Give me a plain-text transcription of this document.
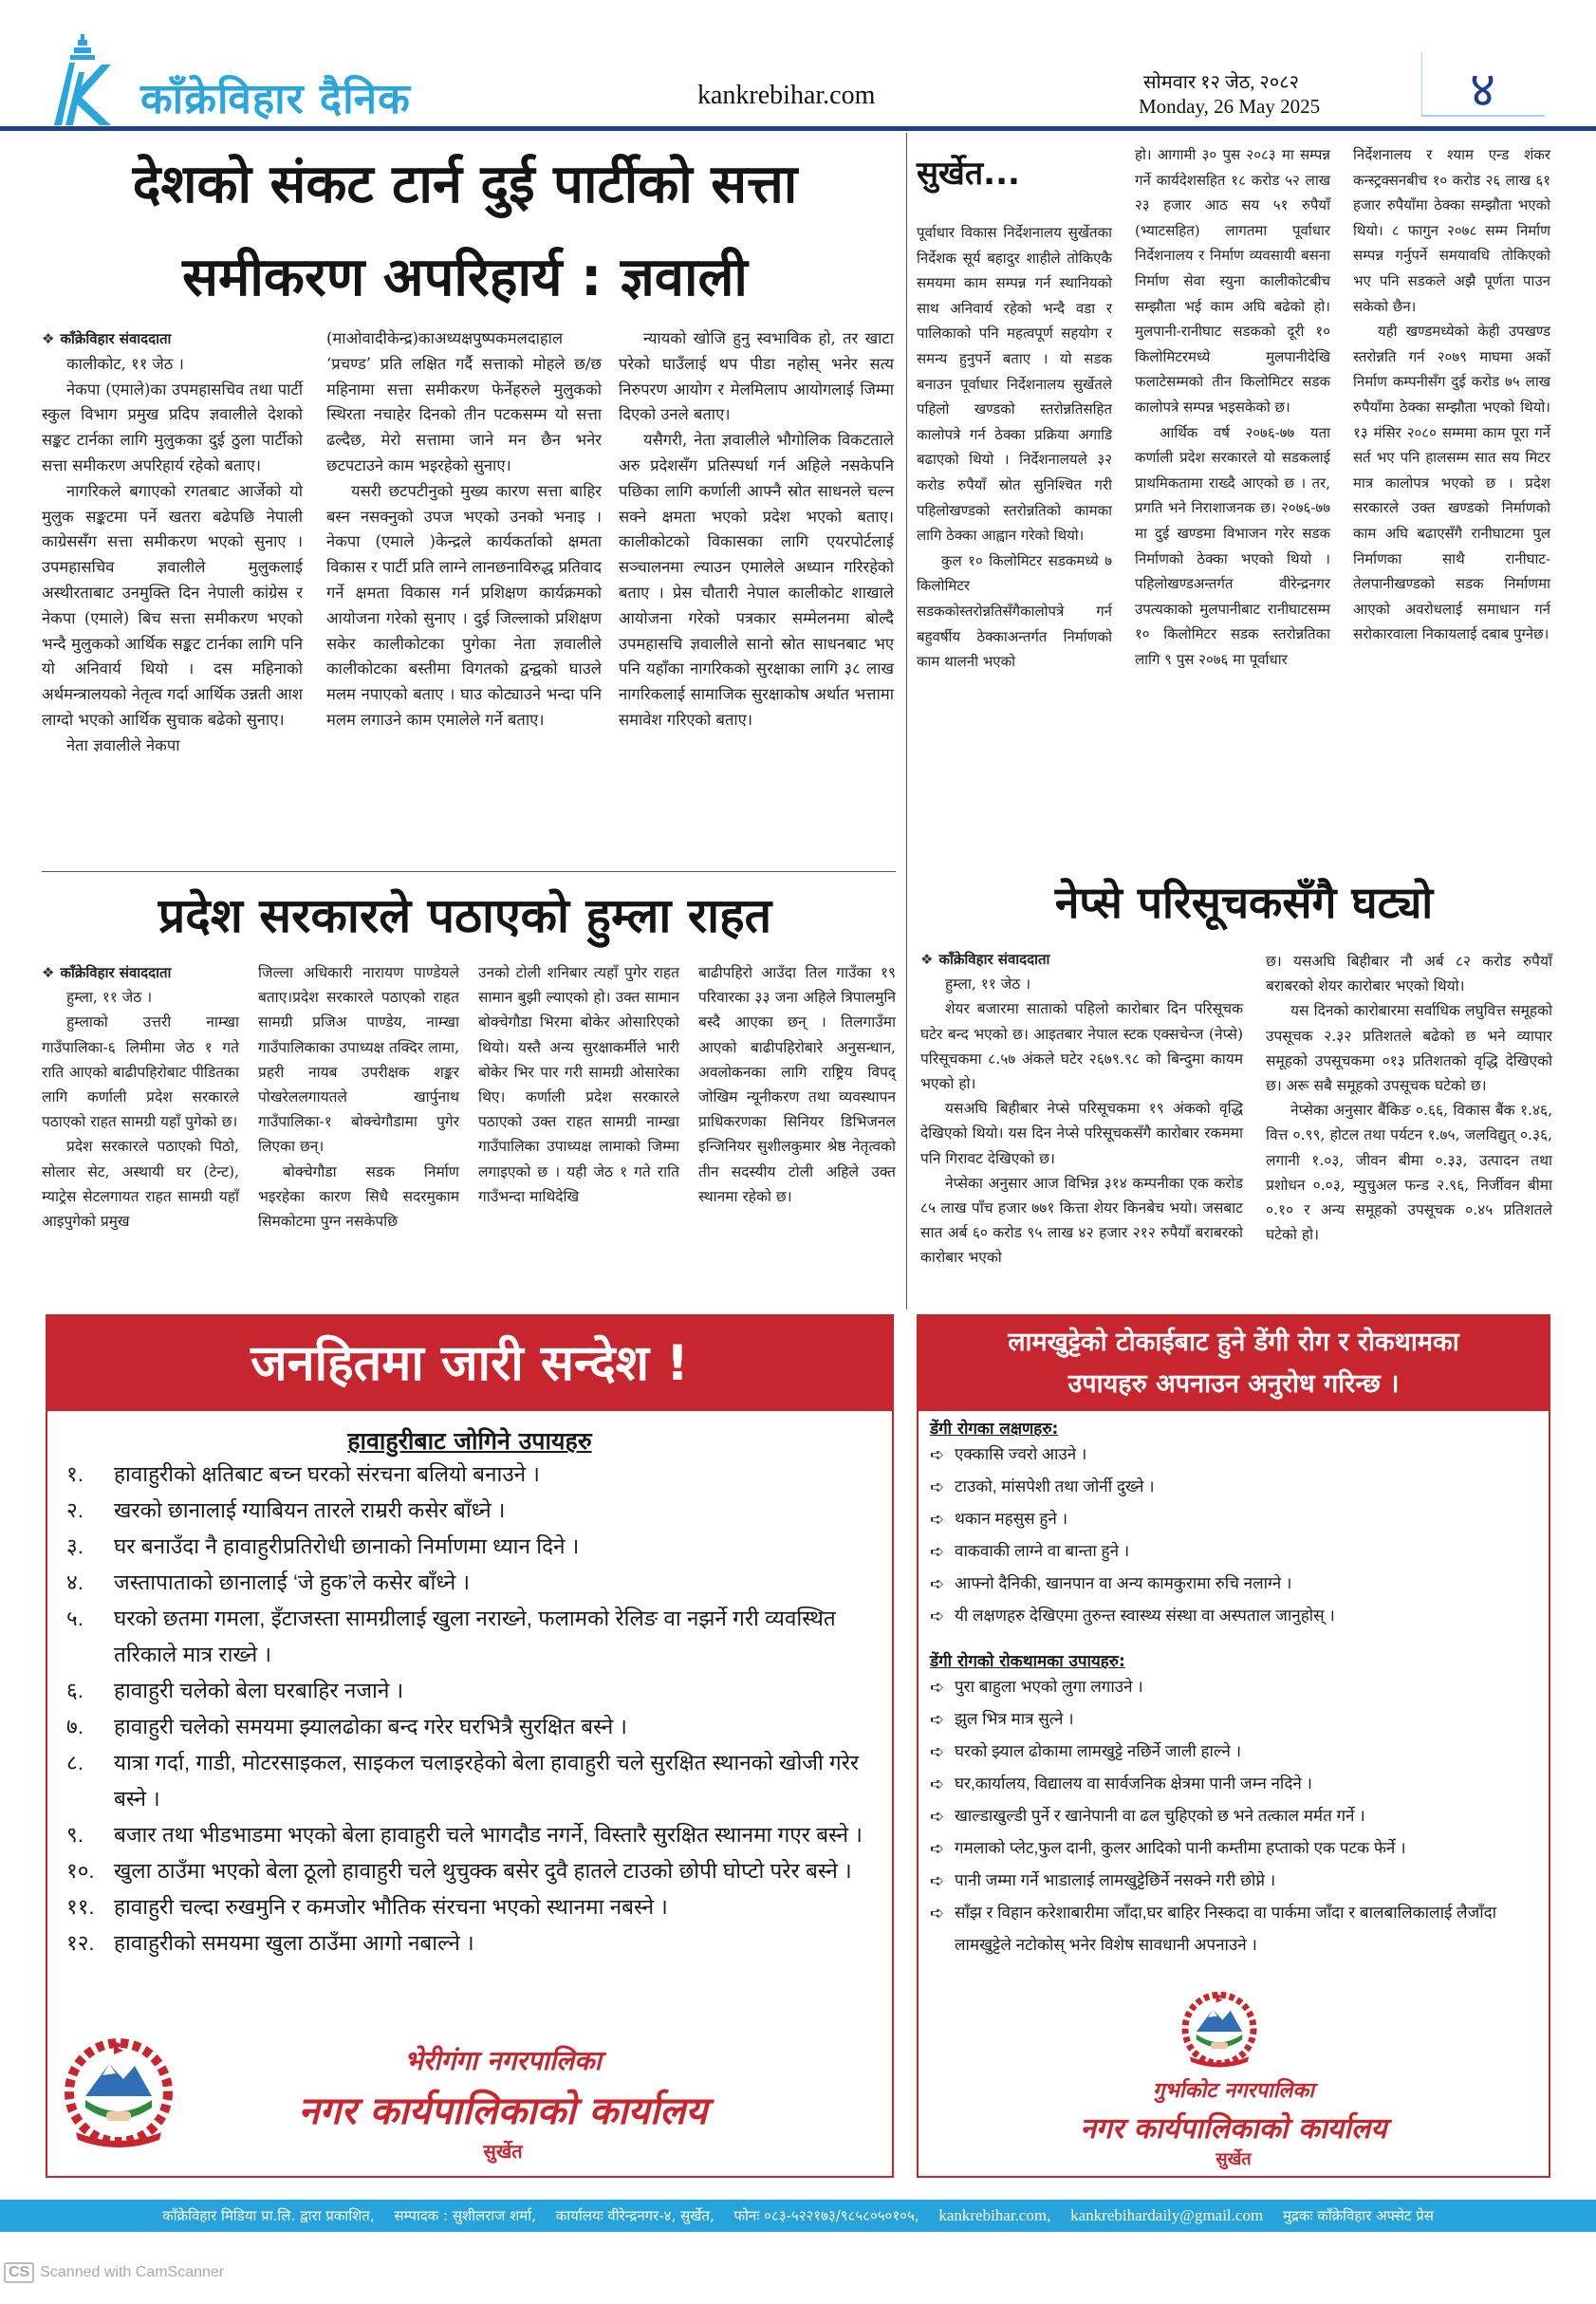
काँक्रेविहार दैनिक	kankrebihar.com	सोमवार १२ जेठ, २०८२
Monday, 26 May 2025	४
देशको संकट टार्न दुई पार्टीको सत्ता
समीकरण अपरिहार्य : ज्ञवाली
❖ काँक्रेविहार संवाददाता

कालीकोट, ११ जेठ ।

नेकपा (एमाले)का उपमहासचिव तथा पार्टी स्कुल विभाग प्रमुख प्रदिप ज्ञवालीले देशको सङ्कट टार्नका लागि मुलुकका दुई ठुला पार्टीको सत्ता समीकरण अपरिहार्य रहेको बताए।

नागरिकले बगाएको रगतबाट आर्जेको यो मुलुक सङ्कटमा पर्ने खतरा बढेपछि नेपाली काग्रेससँग सत्ता समीकरण भएको सुनाए । उपमहासचिव ज्ञवालीले मुलुकलाई अस्थीरताबाट उनमुक्ति दिन नेपाली कांग्रेस र नेकपा (एमाले) बिच सत्ता समीकरण भएको भन्दै मुलुकको आर्थिक सङ्कट टार्नका लागि पनि यो अनिवार्य थियो । दस महिनाको अर्थमन्त्रालयको नेतृत्व गर्दा आर्थिक उन्नती आश लाग्दो भएको आर्थिक सुचाक बढेको सुनाए।

नेता ज्ञवालीले नेकपा

(माओवादीकेन्द्र)काअध्यक्षपुष्पकमलदाहाल ‘प्रचण्ड’ प्रति लक्षित गर्दै सत्ताको मोहले छ/छ महिनामा सत्ता समीकरण फेर्नेहरुले मुलुकको स्थिरता नचाहेर दिनको तीन पटकसम्म यो सत्ता ढल्दैछ, मेरो सत्तामा जाने मन छैन भनेर छटपटाउने काम भइरहेको सुनाए।

यसरी छटपटीनुको मुख्य कारण सत्ता बाहिर बस्न नसक्नुको उपज भएको उनको भनाइ । नेकपा (एमाले )केन्द्रले कार्यकर्ताको क्षमता विकास र पार्टी प्रति लाग्ने लानछनाविरुद्ध प्रतिवाद गर्ने क्षमता विकास गर्न प्रशिक्षण कार्यक्रमको आयोजना गरेको सुनाए । दुई जिल्लाको प्रशिक्षण सकेर कालीकोटका पुगेका नेता ज्ञवालीले कालीकोटका बस्तीमा विगतको द्वन्द्वको घाउले मलम नपाएको बताए । घाउ कोट्याउने भन्दा पनि मलम लगाउने काम एमालेले गर्ने बताए।

न्यायको खोजि हुनु स्वभाविक हो, तर खाटा परेको घाउँलाई थप पीडा नहोस् भनेर सत्य निरुपरण आयोग र मेलमिलाप आयोगलाई जिम्मा दिएको उनले बताए।

यसैगरी, नेता ज्ञवालीले भौगोलिक विकटताले अरु प्रदेशसँग प्रतिस्पर्धा गर्न अहिले नसकेपनि पछिका लागि कर्णाली आफ्नै स्रोत साधनले चल्न सक्ने क्षमता भएको प्रदेश भएको बताए। कालीकोटको विकासका लागि एयरपोर्टलाई सञ्चालनमा ल्याउन एमालेले अध्यान गरिरहेको बताए । प्रेस चौतारी नेपाल कालीकोट शाखाले आयोजना गरेको पत्रकार सम्मेलनमा बोल्दै उपमहासचि ज्ञवालीले सानो स्रोत साधनबाट भए पनि यहाँका नागरिकको सुरक्षाका लागि ३८ लाख नागरिकलाई सामाजिक सुरक्षाकोष अर्थात भत्तामा समावेश गरिएको बताए।

सुर्खेत...

पूर्वाधार विकास निर्देशनालय सुर्खेतका निर्देशक सूर्य बहादुर शाहीले तोकिएकै समयमा काम सम्पन्न गर्न स्थानियको साथ अनिवार्य रहेको भन्दै वडा र पालिकाको पनि महत्वपूर्ण सहयोग र समन्य हुनुपर्ने बताए । यो सडक बनाउन पूर्वाधार निर्देशनालय सुर्खेतले पहिलो खण्डको स्तरोन्नतिसहित कालोपत्रे गर्न ठेक्का प्रक्रिया अगाडि बढाएको थियो । निर्देशनालयले ३२ करोड रुपैयाँ स्रोत सुनिश्चित गरी पहिलोखण्डको स्तरोन्नतिको कामका लागि ठेक्का आह्वान गरेको थियो।

कुल १० किलोमिटर सडकमध्ये ७ किलोमिटर सडककोस्तरोन्नतिसँगैकालोपत्रे गर्न बहुवर्षीय ठेक्काअन्तर्गत निर्माणको काम थालनी भएको

हो। आगामी ३० पुस २०८३ मा सम्पन्न गर्ने कार्यदेशसहित १८ करोड ५२ लाख २३ हजार आठ सय ५१ रुपैयाँ (भ्याटसहित) लागतमा पूर्वाधार निर्देशनालय र निर्माण व्यवसायी बसना निर्माण सेवा स्युना कालीकोटबीच सम्झौता भई काम अघि बढेको हो। मुलपानी-रानीघाट सडकको दूरी १० किलोमिटरमध्ये मुलपानीदेखि फलाटेसम्मको तीन किलोमिटर सडक कालोपत्रे सम्पन्न भइसकेको छ।

आर्थिक वर्ष २०७६-७७ यता कर्णाली प्रदेश सरकारले यो सडकलाई प्राथमिकतामा राख्दै आएको छ । तर, प्रगति भने निराशाजनक छ। २०७६-७७ मा दुई खण्डमा विभाजन गरेर सडक निर्माणको ठेक्का भएको थियो । पहिलोखण्डअन्तर्गत वीरेन्द्रनगर उपत्यकाको मुलपानीबाट रानीघाटसम्म १० किलोमिटर सडक स्तरोन्नतिका लागि ९ पुस २०७६ मा पूर्वाधार

निर्देशनालय र श्याम एन्ड शंकर कन्स्ट्रक्सनबीच १० करोड २६ लाख ६१ हजार रुपैयाँमा ठेक्का सम्झौता भएको थियो। ८ फागुन २०७८ सम्म निर्माण सम्पन्न गर्नुपर्ने समयावधि तोकिएको भए पनि सडकले अझै पूर्णता पाउन सकेको छैन।

यही खण्डमध्येको केही उपखण्ड स्तरोन्नति गर्न २०७९ माघमा अर्को निर्माण कम्पनीसँग दुई करोड ७५ लाख रुपैयाँमा ठेक्का सम्झौता भएको थियो। १३ मंसिर २०८० सम्ममा काम पूरा गर्ने सर्त भए पनि हालसम्म सात सय मिटर मात्र कालोपत्र भएको छ । प्रदेश सरकारले उक्त खण्डको निर्माणको काम अघि बढाएसँगै रानीघाटमा पुल निर्माणका साथै रानीघाट-तेलपानीखण्डको सडक निर्माणमा आएको अवरोधलाई समाधान गर्न सरोकारवाला निकायलाई दबाब पुग्नेछ।

प्रदेश सरकारले पठाएको हुम्ला राहत
❖ काँक्रेविहार संवाददाता

हुम्ला, ११ जेठ ।

हुम्लाको उत्तरी नाम्खा गाउँपालिका-६ लिमीमा जेठ १ गते राति आएको बाढीपहिरोबाट पीडितका लागि कर्णाली प्रदेश सरकारले पठाएको राहत सामग्री यहाँ पुगेको छ।

प्रदेश सरकारले पठाएको पिठो, सोलार सेट, अस्थायी घर (टेन्ट), म्याट्रेस सेटलगायत राहत सामग्री यहाँ आइपुगेको प्रमुख

जिल्ला अधिकारी नारायण पाण्डेयले बताए।प्रदेश सरकारले पठाएको राहत सामग्री प्रजिअ पाण्डेय, नाम्खा गाउँपालिकाका उपाध्यक्ष तक्दिर लामा, प्रहरी नायब उपरीक्षक शङ्कर पोखरेललगायतले खार्पुनाथ गाउँपालिका-१ बोक्चेगौडामा पुगेर लिएका छन्।

बोक्चेगौडा सडक निर्माण भइरहेका कारण सिधै सदरमुकाम सिमकोटमा पुग्न नसकेपछि

उनको टोली शनिबार त्यहाँ पुगेर राहत सामान बुझी ल्याएको हो। उक्त सामान बोक्चेगौडा भिरमा बोकेर ओसारिएको थियो। यस्तै अन्य सुरक्षाकर्मीले भारी बोकेर भिर पार गरी सामग्री ओसारेका थिए। कर्णाली प्रदेश सरकारले पठाएको उक्त राहत सामग्री नाम्खा गाउँपालिका उपाध्यक्ष लामाको जिम्मा लगाइएको छ । यही जेठ १ गते राति गाउँभन्दा माथिदेखि

बाढीपहिरो आउँदा तिल गाउँका १९ परिवारका ३३ जना अहिले त्रिपालमुनि बस्दै आएका छन् । तिलगाउँमा आएको बाढीपहिरोबारे अनुसन्धान, अवलोकनका लागि राष्ट्रिय विपद् जोखिम न्यूनीकरण तथा व्यवस्थापन प्राधिकरणका सिनियर डिभिजनल इन्जिनियर सुशीलकुमार श्रेष्ठ नेतृत्वको तीन सदस्यीय टोली अहिले उक्त स्थानमा रहेको छ।

नेप्से परिसूचकसँगै घट्यो
❖ काँक्रेविहार संवाददाता

हुम्ला, ११ जेठ ।

शेयर बजारमा साताको पहिलो कारोबार दिन परिसूचक घटेर बन्द भएको छ। आइतबार नेपाल स्टक एक्सचेन्ज (नेप्से) परिसूचकमा ८.५७ अंकले घटेर २६७९.९८ को बिन्दुमा कायम भएको हो।

यसअघि बिहीबार नेप्से परिसूचकमा १९ अंकको वृद्धि देखिएको थियो। यस दिन नेप्से परिसूचकसँगै कारोबार रकममा पनि गिरावट देखिएको छ।

नेप्सेका अनुसार आज विभिन्न ३१४ कम्पनीका एक करोड ८५ लाख पाँच हजार ७७१ कित्ता शेयर किनबेच भयो। जसबाट सात अर्ब ६० करोड ९५ लाख ४२ हजार २१२ रुपैयाँ बराबरको कारोबार भएको

छ। यसअघि बिहीबार नौ अर्ब ८२ करोड रुपैयाँ बराबरको शेयर कारोबार भएको थियो।

यस दिनको कारोबारमा सर्वाधिक लघुवित्त समूहको उपसूचक २.३२ प्रतिशतले बढेको छ भने व्यापार समूहको उपसूचकमा ०१३ प्रतिशतको वृद्धि देखिएको छ। अरू सबै समूहको उपसूचक घटेको छ।

नेप्सेका अनुसार बैंकिङ ०.६६, विकास बैंक १.४६, वित्त ०.९९, होटल तथा पर्यटन १.७५, जलविद्युत् ०.३६, लगानी १.०३, जीवन बीमा ०.३३, उत्पादन तथा प्रशोधन ०.०३, म्युचुअल फन्ड २.९६, निर्जीवन बीमा ०.१० र अन्य समूहको उपसूचक ०.४५ प्रतिशतले घटेको हो।

जनहितमा जारी सन्देश !
हावाहुरीबाट जोगिने उपायहरु
१.	हावाहुरीको क्षतिबाट बच्न घरको संरचना बलियो बनाउने ।
२.	खरको छानालाई ग्याबियन तारले राम्ररी कसेर बाँध्ने ।
३.	घर बनाउँदा नै हावाहुरीप्रतिरोधी छानाको निर्माणमा ध्यान दिने ।
४.	जस्तापाताको छानालाई ‘जे हुक’ले कसेर बाँध्ने ।
५.	घरको छतमा गमला, इँटाजस्ता सामग्रीलाई खुला नराख्ने, फलामको रेलिङ वा नझर्ने गरी व्यवस्थित तरिकाले मात्र राख्ने ।
६.	हावाहुरी चलेको बेला घरबाहिर नजाने ।
७.	हावाहुरी चलेको समयमा झ्यालढोका बन्द गरेर घरभित्रै सुरक्षित बस्ने ।
८.	यात्रा गर्दा, गाडी, मोटरसाइकल, साइकल चलाइरहेको बेला हावाहुरी चले सुरक्षित स्थानको खोजी गरेर बस्ने ।
९.	बजार तथा भीडभाडमा भएको बेला हावाहुरी चले भागदौड नगर्ने, विस्तारै सुरक्षित स्थानमा गएर बस्ने ।
१०. खुला ठाउँमा भएको बेला ठूलो हावाहुरी चले थुचुक्क बसेर दुवै हातले टाउको छोपी घोप्टो परेर बस्ने ।
११. हावाहुरी चल्दा रुखमुनि र कमजोर भौतिक संरचना भएको स्थानमा नबस्ने ।
१२. हावाहुरीको समयमा खुला ठाउँमा आगो नबाल्ने ।
भेरीगंगा नगरपालिका
नगर कार्यपालिकाको कार्यालय
सुर्खेत
लामखुट्टेको टोकाईबाट हुने डेंगी रोग र रोकथामका
उपायहरु अपनाउन अनुरोध गरिन्छ ।
डेंगी रोगका लक्षणहरु:
➪ एक्कासि ज्वरो आउने ।
➪ टाउको, मांसपेशी तथा जोर्नी दुख्ने ।
➪ थकान महसुस हुने ।
➪ वाकवाकी लाग्ने वा बान्ता हुने ।
➪ आफ्नो दैनिकी, खानपान वा अन्य कामकुरामा रुचि नलाग्ने ।
➪ यी लक्षणहरु देखिएमा तुरुन्त स्वास्थ्य संस्था वा अस्पताल जानुहोस् ।
डेंगी रोगको रोकथामका उपायहरु:
➪ पुरा बाहुला भएको लुगा लगाउने ।
➪ झुल भित्र मात्र सुत्ने ।
➪ घरको झ्याल ढोकामा लामखुट्टे नछिर्ने जाली हाल्ने ।
➪ घर,कार्यालय, विद्यालय वा सार्वजनिक क्षेत्रमा पानी जम्न नदिने ।
➪ खाल्डाखुल्डी पुर्ने र खानेपानी वा ढल चुहिएको छ भने तत्काल मर्मत गर्ने ।
➪ गमलाको प्लेट,फुल दानी, कुलर आदिको पानी कम्तीमा हप्ताको एक पटक फेर्ने ।
➪ पानी जम्मा गर्ने भाडालाई लामखुट्टेछिर्ने नसक्ने गरी छोप्ने ।
➪ साँझ र विहान करेशाबारीमा जाँदा,घर बाहिर निस्कदा वा पार्कमा जाँदा र बालबालिकालाई लैजाँदा लामखुट्टेले नटोकोस् भनेर विशेष सावधानी अपनाउने ।
गुर्भाकोट नगरपालिका
नगर कार्यपालिकाको कार्यालय
सुर्खेत
काँक्रेविहार मिडिया प्रा.लि. द्वारा प्रकाशित, सम्पादक : सुशीलराज शर्मा, कार्यालयः वीरेन्द्रनगर-४, सुर्खेत, फोनः ०८३-५२२१७३/९८५८०५०१०५, kankrebihar.com, kankrebihardaily@gmail.com मुद्रकः काँक्रेविहार अफ्सेट प्रेस
CS Scanned with CamScanner
